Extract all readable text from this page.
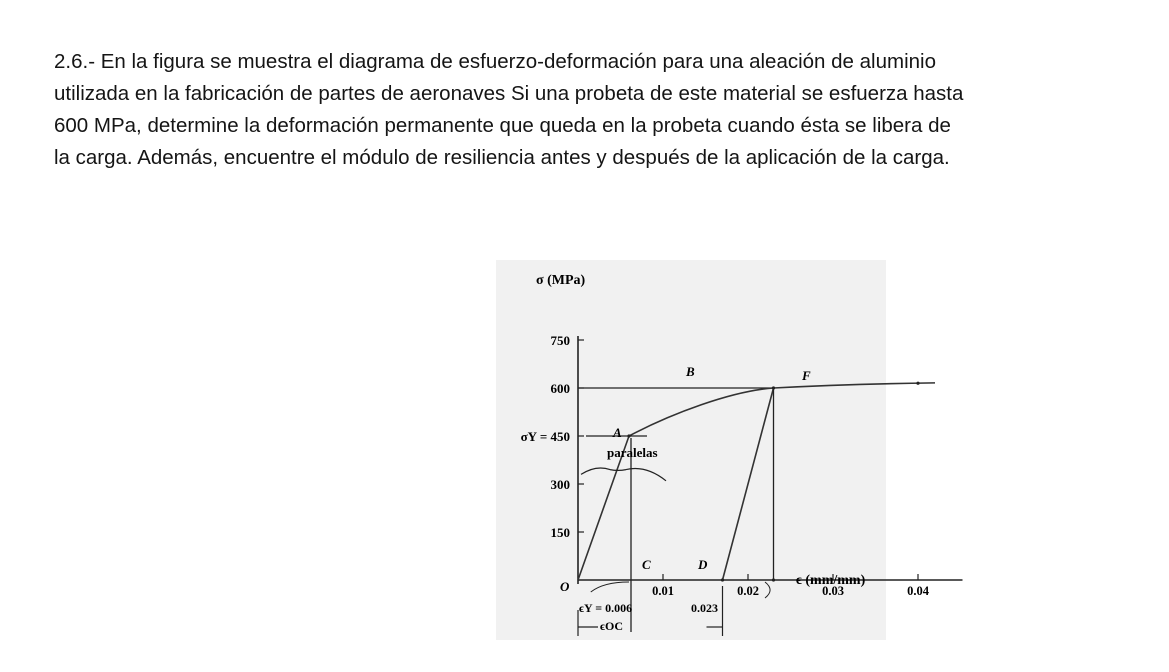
2.6.- En la figura se muestra el diagrama de esfuerzo-deformación para una aleación de aluminio

utilizada en la fabricación de partes de aeronaves Si una probeta de este material se esfuerza hasta

600 MPa, determine la deformación permanente que queda en la probeta cuando ésta se libera de

la carga. Además, encuentre el módulo de resiliencia antes y después de la aplicación de la carga.

σ (MPa)
ϵ (mm/mm)
O
A
B	F
C	D
paralelas
ϵY = 0.006
ϵOC
0.023
750
600
σY = 450
300
150
0.01	0.02	0.03	0.04
